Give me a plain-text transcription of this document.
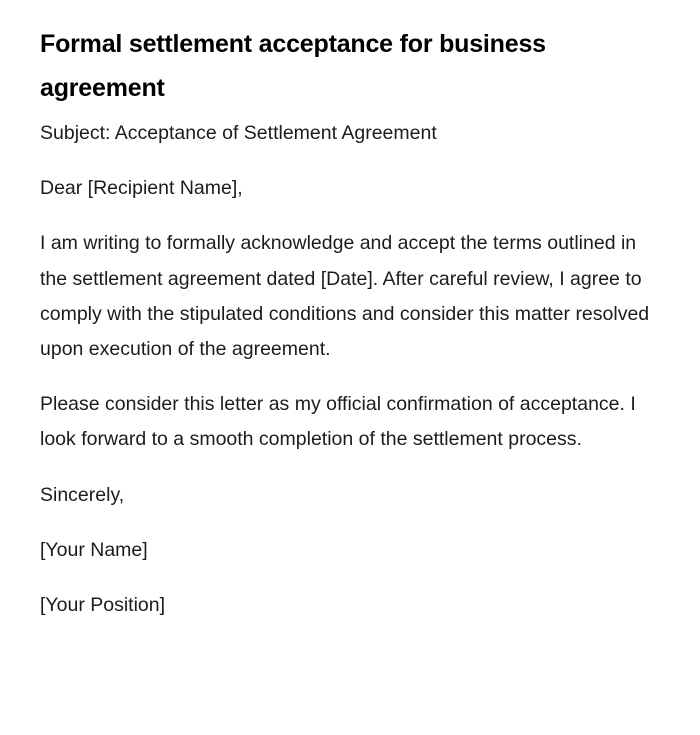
Formal settlement acceptance for business agreement

Subject: Acceptance of Settlement Agreement

Dear [Recipient Name],

I am writing to formally acknowledge and accept the terms outlined in the settlement agreement dated [Date]. After careful review, I agree to comply with the stipulated conditions and consider this matter resolved upon execution of the agreement.

Please consider this letter as my official confirmation of acceptance. I look forward to a smooth completion of the settlement process.

Sincerely,

[Your Name]

[Your Position]
